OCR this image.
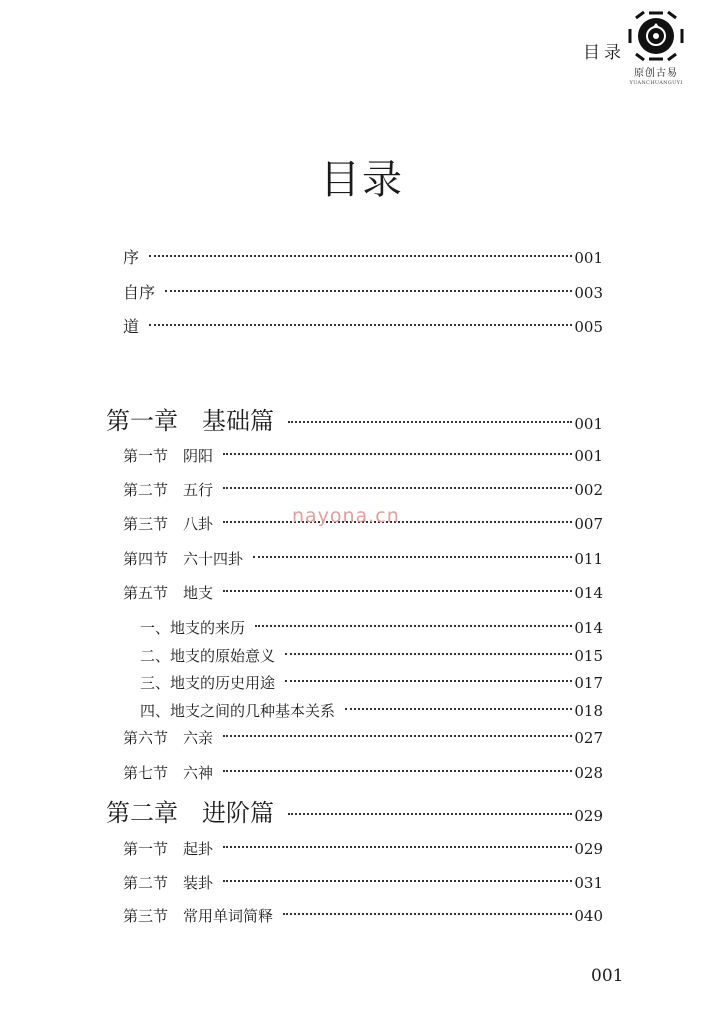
目录
原创古易
YUANCHUANGUYI
目录
序	001
自序	003
道	005
第一章　基础篇	001
第一节　阴阳	001
第二节　五行	002
第三节　八卦	007
第四节　六十四卦	011
第五节　地支	014
一、地支的来历	014
二、地支的原始意义	015
三、地支的历史用途	017
四、地支之间的几种基本关系	018
第六节　六亲	027
第七节　六神	028
第二章　进阶篇	029
第一节　起卦	029
第二节　装卦	031
第三节　常用单词简释	040
nayona.cn
001
